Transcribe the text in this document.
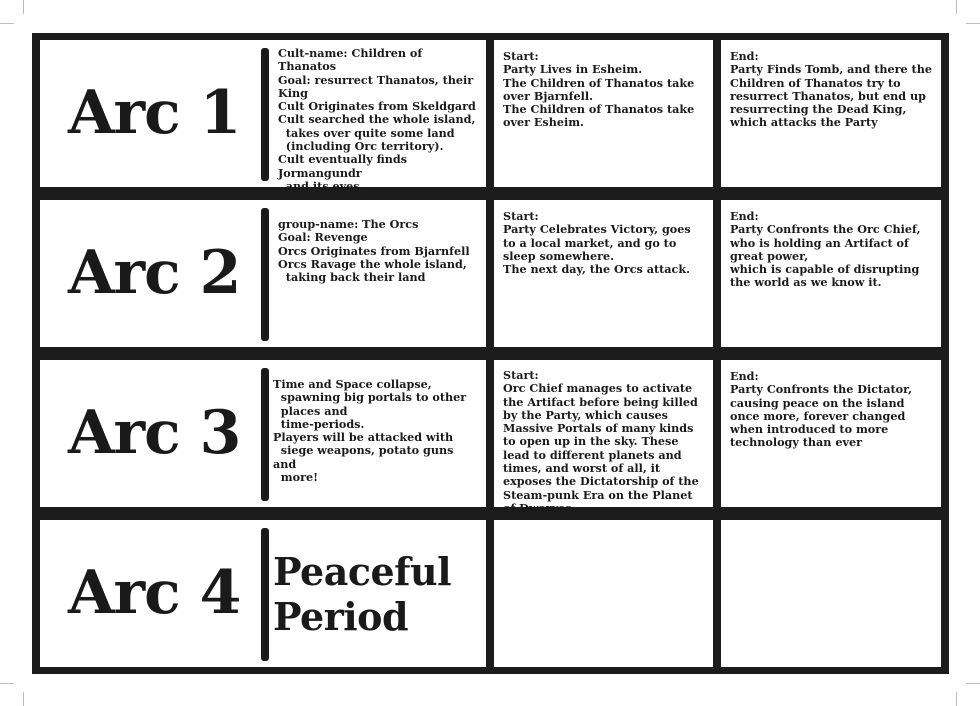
Arc 1
Cult-name: Children of Thanatos
Goal: resurrect Thanatos, their King
Cult Originates from Skeldgard
Cult searched the whole island,
takes over quite some land
(including Orc territory).
Cult eventually finds Jormangundr
and its eyes.
Start:
Party Lives in Esheim.
The Children of Thanatos take over Bjarnfell.
The Children of Thanatos take over Esheim.
End:
Party Finds Tomb, and there the Children of Thanatos try to resurrect Thanatos, but end up resurrecting the Dead King, which attacks the Party
Arc 2
group-name: The Orcs
Goal: Revenge
Orcs Originates from Bjarnfell
Orcs Ravage the whole island,
taking back their land
Start:
Party Celebrates Victory, goes to a local market, and go to sleep somewhere.
The next day, the Orcs attack.
End:
Party Confronts the Orc Chief, who is holding an Artifact of great power,
which is capable of disrupting the world as we know it.
Arc 3
Time and Space collapse,
spawning big portals to other
places and
time-periods.
Players will be attacked with
siege weapons, potato guns and
more!
Start:
Orc Chief manages to activate the Artifact before being killed by the Party, which causes Massive Portals of many kinds to open up in the sky. These lead to different planets and times, and worst of all, it exposes the Dictatorship of the Steam-punk Era on the Planet of Dwarves
End:
Party Confronts the Dictator, causing peace on the island once more, forever changed when introduced to more technology than ever
Arc 4 Peaceful
Period
